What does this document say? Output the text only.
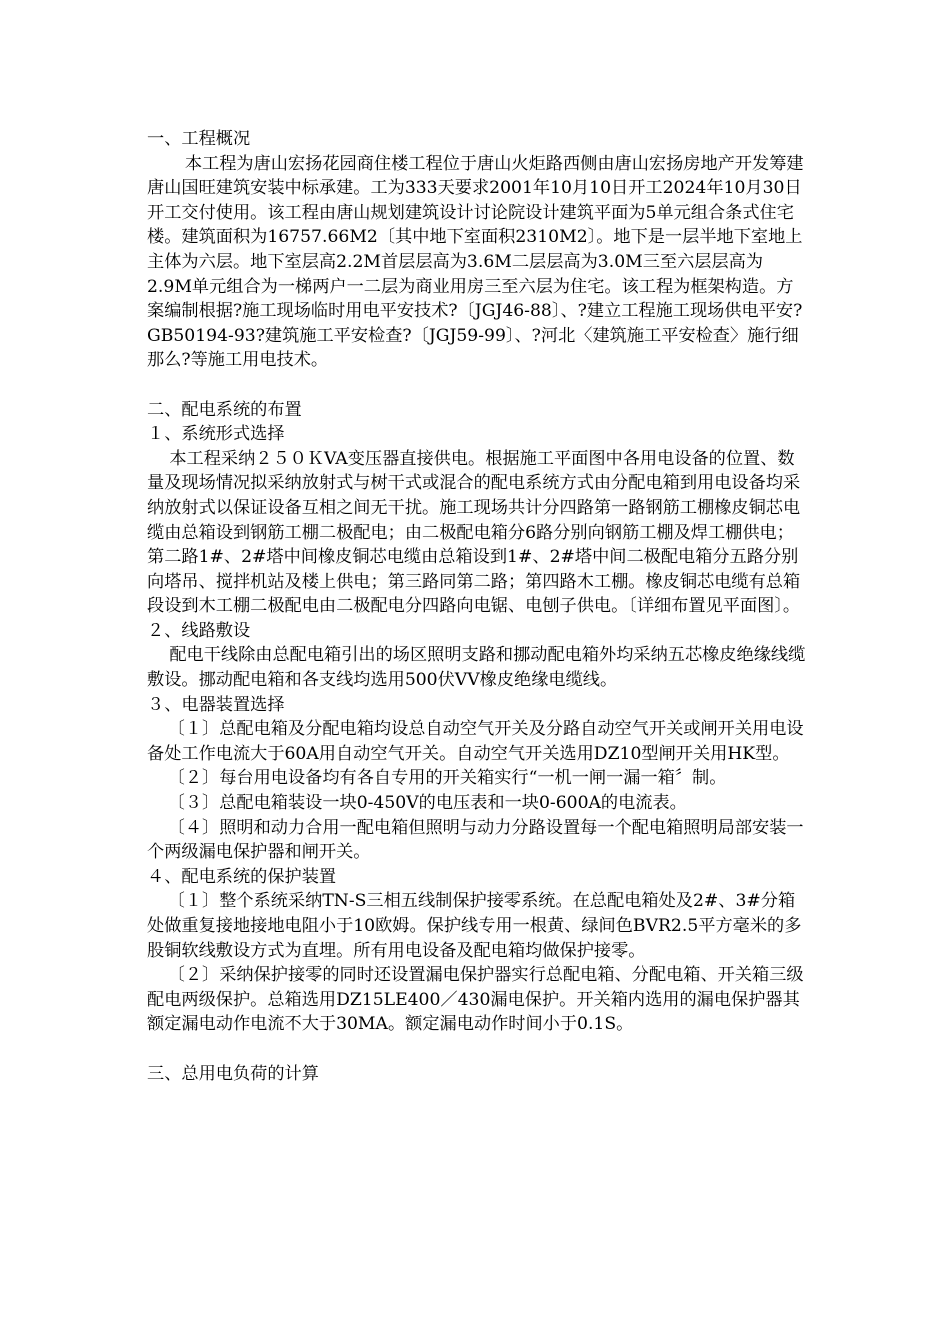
一、工程概况

本工程为唐山宏扬花园商住楼工程位于唐山火炬路西侧由唐山宏扬房地产开发筹建唐山国旺建筑安装中标承建。工为333天要求2001年10月10日开工2024年10月30日开工交付使用。该工程由唐山规划建筑设计讨论院设计建筑平面为5单元组合条式住宅楼。建筑面积为16757.66M2〔其中地下室面积2310M2〕。地下是一层半地下室地上主体为六层。地下室层高2.2M首层层高为3.6M二层层高为3.0M三至六层层高为2.9M单元组合为一梯两户一二层为商业用房三至六层为住宅。该工程为框架构造。方案编制根据?施工现场临时用电平安技术?〔JGJ46-88〕、?建立工程施工现场供电平安?GB50194-93?建筑施工平安检查?〔JGJ59-99〕、?河北〈建筑施工平安检查〉施行细那么?等施工用电技术。

二、配电系统的布置

１、系统形式选择

本工程采纳２５０ＫVA变压器直接供电。根据施工平面图中各用电设备的位置、数量及现场情况拟采纳放射式与树干式或混合的配电系统方式由分配电箱到用电设备均采纳放射式以保证设备互相之间无干扰。施工现场共计分四路第一路钢筋工棚橡皮铜芯电缆由总箱设到钢筋工棚二极配电；由二极配电箱分6路分别向钢筋工棚及焊工棚供电；第二路1#、2#塔中间橡皮铜芯电缆由总箱设到1#、2#塔中间二极配电箱分五路分别向塔吊、搅拌机站及楼上供电；第三路同第二路；第四路木工棚。橡皮铜芯电缆有总箱段设到木工棚二极配电由二极配电分四路向电锯、电刨子供电。〔详细布置见平面图〕。

２、线路敷设

配电干线除由总配电箱引出的场区照明支路和挪动配电箱外均采纳五芯橡皮绝缘线缆敷设。挪动配电箱和各支线均选用500伏VV橡皮绝缘电缆线。

３、电器装置选择

〔１〕总配电箱及分配电箱均设总自动空气开关及分路自动空气开关或闸开关用电设备处工作电流大于60A用自动空气开关。自动空气开关选用DZ10型闸开关用HK型。

〔２〕每台用电设备均有各自专用的开关箱实行“一机一闸一漏一箱〞制。

〔３〕总配电箱装设一块0-450V的电压表和一块0-600A的电流表。

〔４〕照明和动力合用一配电箱但照明与动力分路设置每一个配电箱照明局部安装一个两级漏电保护器和闸开关。

４、配电系统的保护装置

〔１〕整个系统采纳TN-S三相五线制保护接零系统。在总配电箱处及2#、3#分箱处做重复接地接地电阻小于10欧姆。保护线专用一根黄、绿间色BVR2.5平方毫米的多股铜软线敷设方式为直埋。所有用电设备及配电箱均做保护接零。

〔２〕采纳保护接零的同时还设置漏电保护器实行总配电箱、分配电箱、开关箱三级配电两级保护。总箱选用DZ15LE400／430漏电保护。开关箱内选用的漏电保护器其额定漏电动作电流不大于30MA。额定漏电动作时间小于0.1S。

三、总用电负荷的计算
